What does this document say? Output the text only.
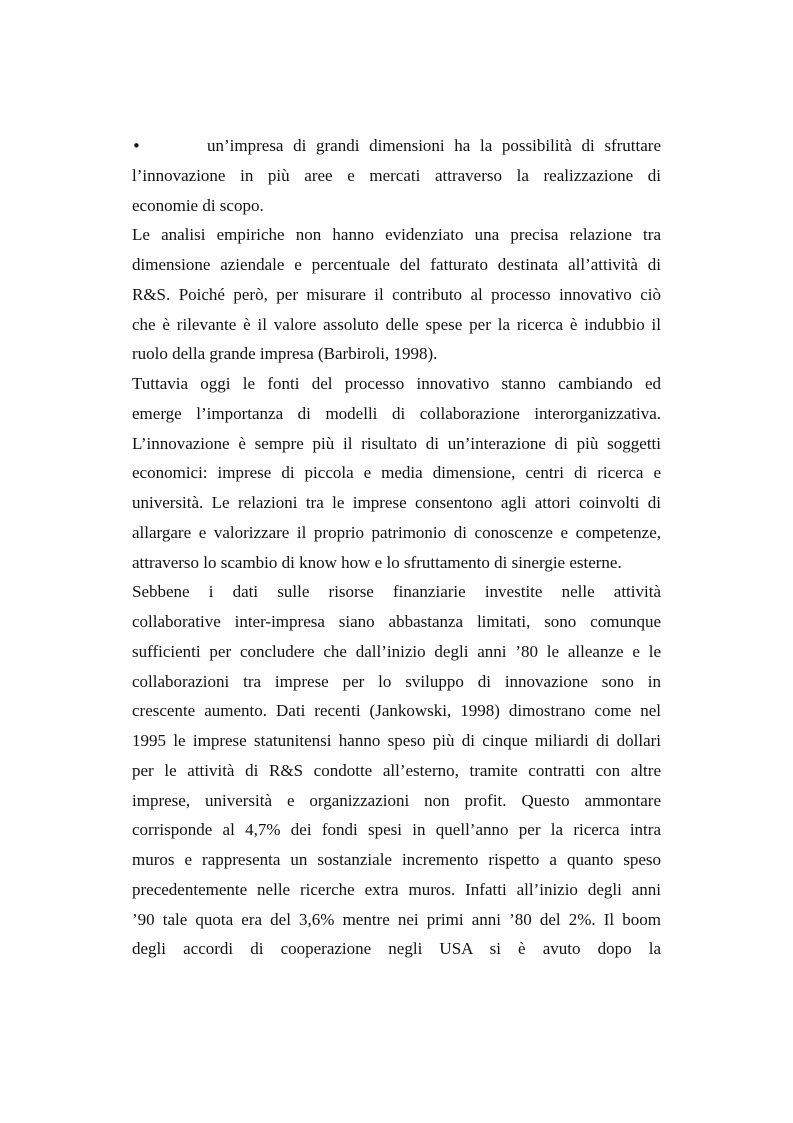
•	un’impresa di grandi dimensioni ha la possibilità di sfruttare
l’innovazione in più aree e mercati attraverso la realizzazione di
economie di scopo.
Le analisi empiriche non hanno evidenziato una precisa relazione tra
dimensione aziendale e percentuale del fatturato destinata all’attività di
R&S. Poiché però, per misurare il contributo al processo innovativo ciò
che è rilevante è il valore assoluto delle spese per la ricerca è indubbio il
ruolo della grande impresa (Barbiroli, 1998).
Tuttavia oggi le fonti del processo innovativo stanno cambiando ed
emerge l’importanza di modelli di collaborazione interorganizzativa.
L’innovazione è sempre più il risultato di un’interazione di più soggetti
economici: imprese di piccola e media dimensione, centri di ricerca e
università. Le relazioni tra le imprese consentono agli attori coinvolti di
allargare e valorizzare il proprio patrimonio di conoscenze e competenze,
attraverso lo scambio di know how e lo sfruttamento di sinergie esterne.
Sebbene i dati sulle risorse finanziarie investite nelle attività
collaborative inter-impresa siano abbastanza limitati, sono comunque
sufficienti per concludere che dall’inizio degli anni ’80 le alleanze e le
collaborazioni tra imprese per lo sviluppo di innovazione sono in
crescente aumento. Dati recenti (Jankowski, 1998) dimostrano come nel
1995 le imprese statunitensi hanno speso più di cinque miliardi di dollari
per le attività di R&S condotte all’esterno, tramite contratti con altre
imprese, università e organizzazioni non profit. Questo ammontare
corrisponde al 4,7% dei fondi spesi in quell’anno per la ricerca intra
muros e rappresenta un sostanziale incremento rispetto a quanto speso
precedentemente nelle ricerche extra muros. Infatti all’inizio degli anni
’90 tale quota era del 3,6% mentre nei primi anni ’80 del 2%. Il boom
degli accordi di cooperazione negli USA si è avuto dopo la
